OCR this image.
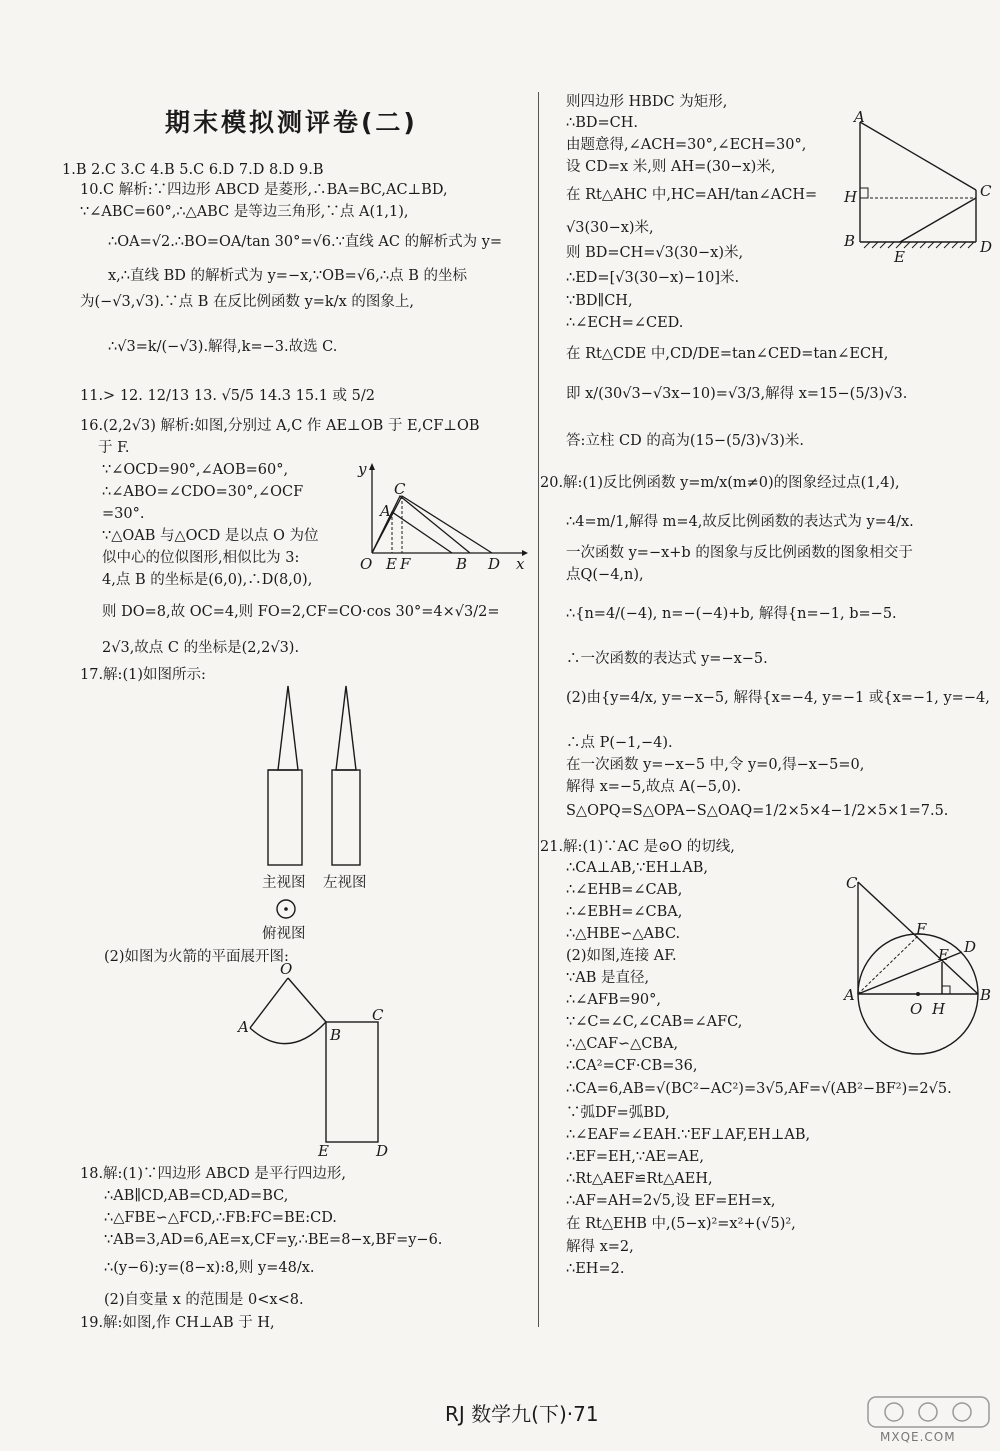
期末模拟测评卷(二)
1.B 2.C 3.C 4.B 5.C 6.D 7.D 8.D 9.B
10.C 解析:∵四边形 ABCD 是菱形,∴BA=BC,AC⊥BD,
∵∠ABC=60°,∴△ABC 是等边三角形,∵点 A(1,1),
∴OA=√2.∴BO=OA/tan 30°=√6.∵直线 AC 的解析式为 y=
x,∴直线 BD 的解析式为 y=−x,∵OB=√6,∴点 B 的坐标
为(−√3,√3).∵点 B 在反比例函数 y=k/x 的图象上,
∴√3=k/(−√3).解得,k=−3.故选 C.
11.> 12. 12/13 13. √5/5 14.3 15.1 或 5/2
16.(2,2√3) 解析:如图,分别过 A,C 作 AE⊥OB 于 E,CF⊥OB
于 F.
∵∠OCD=90°,∠AOB=60°,
∴∠ABO=∠CDO=30°,∠OCF
=30°.
∵△OAB 与△OCD 是以点 O 为位
似中心的位似图形,相似比为 3:
4,点 B 的坐标是(6,0),∴D(8,0),
则 DO=8,故 OC=4,则 FO=2,CF=CO·cos 30°=4×√3/2=
2√3,故点 C 的坐标是(2,2√3).
17.解:(1)如图所示:
(2)如图为火箭的平面展开图:
18.解:(1)∵四边形 ABCD 是平行四边形,
∴AB∥CD,AB=CD,AD=BC,
∴△FBE∽△FCD,∴FB:FC=BE:CD.
∵AB=3,AD=6,AE=x,CF=y,∴BE=8−x,BF=y−6.
∴(y−6):y=(8−x):8,则 y=48/x.
(2)自变量 x 的范围是 0<x<8.
19.解:如图,作 CH⊥AB 于 H,
则四边形 HBDC 为矩形,
∴BD=CH.
由题意得,∠ACH=30°,∠ECH=30°,
设 CD=x 米,则 AH=(30−x)米,
在 Rt△AHC 中,HC=AH/tan∠ACH=
√3(30−x)米,
则 BD=CH=√3(30−x)米,
∴ED=[√3(30−x)−10]米.
∵BD∥CH,
∴∠ECH=∠CED.
在 Rt△CDE 中,CD/DE=tan∠CED=tan∠ECH,
即 x/(30√3−√3x−10)=√3/3,解得 x=15−(5/3)√3.
答:立柱 CD 的高为(15−(5/3)√3)米.
20.解:(1)反比例函数 y=m/x(m≠0)的图象经过点(1,4),
∴4=m/1,解得 m=4,故反比例函数的表达式为 y=4/x.
一次函数 y=−x+b 的图象与反比例函数的图象相交于
点Q(−4,n),
∴{n=4/(−4), n=−(−4)+b, 解得{n=−1, b=−5.
∴一次函数的表达式 y=−x−5.
(2)由{y=4/x, y=−x−5, 解得{x=−4, y=−1 或{x=−1, y=−4,
∴点 P(−1,−4).
在一次函数 y=−x−5 中,令 y=0,得−x−5=0,
解得 x=−5,故点 A(−5,0).
S△OPQ=S△OPA−S△OAQ=1/2×5×4−1/2×5×1=7.5.
21.解:(1)∵AC 是⊙O 的切线,
∴CA⊥AB,∵EH⊥AB,
∴∠EHB=∠CAB,
∴∠EBH=∠CBA,
∴△HBE∽△ABC.
(2)如图,连接 AF.
∵AB 是直径,
∴∠AFB=90°,
∵∠C=∠C,∠CAB=∠AFC,
∴△CAF∽△CBA,
∴CA²=CF·CB=36,
∴CA=6,AB=√(BC²−AC²)=3√5,AF=√(AB²−BF²)=2√5.
∵弧DF=弧BD,
∴∠EAF=∠EAH.∵EF⊥AF,EH⊥AB,
∴EF=EH,∵AE=AE,
∴Rt△AEF≌Rt△AEH,
∴AF=AH=2√5,设 EF=EH=x,
在 Rt△EHB 中,(5−x)²=x²+(√5)²,
解得 x=2,
∴EH=2.
y
C
A
O E F	B D x
主视图 左视图
俯视图
O
A	B
C
E	D
A
H	C
B
E
D
C
F
D
E
A
O H
B
RJ 数学九(下)·71
MXQE.COM
